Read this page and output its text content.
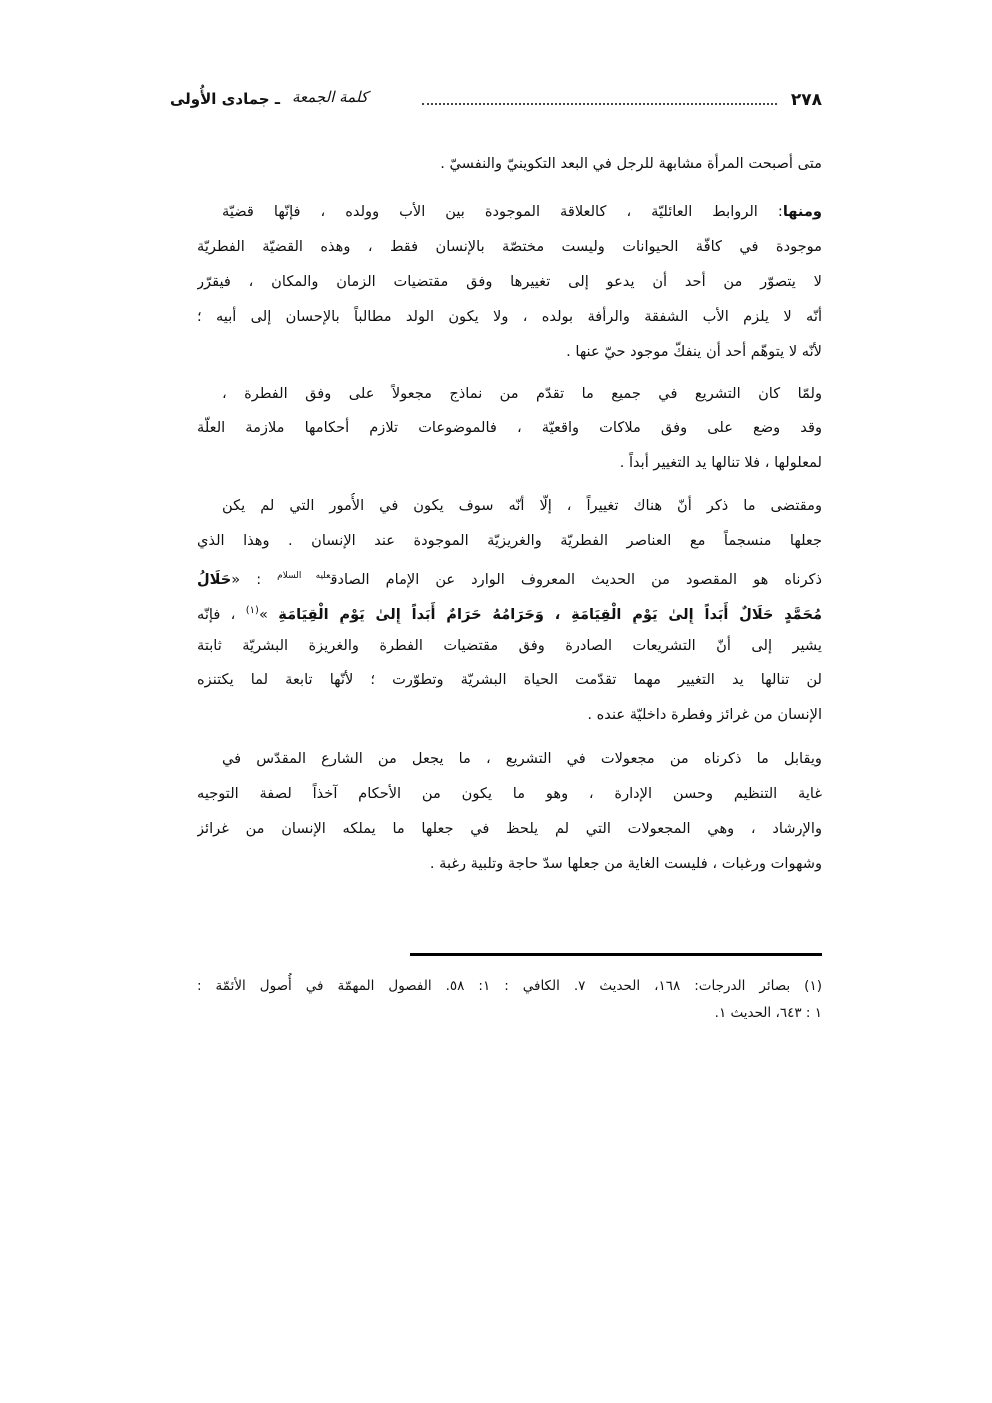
٢٧٨
كلمة الجمعة
ـ جمادى الأُولى
متى أصبحت المرأة مشابهة للرجل في البعد التكوينيّ والنفسيّ .
ومنها: الروابط العائليّة ، كالعلاقة الموجودة بين الأب وولده ، فإنّها قضيّة
موجودة في كافّة الحيوانات وليست مختصّة بالإنسان فقط ، وهذه القضيّة الفطريّة
لا يتصوّر من أحد أن يدعو إلى تغييرها وفق مقتضيات الزمان والمكان ، فيقرّر
أنّه لا يلزم الأب الشفقة والرأفة بولده ، ولا يكون الولد مطالباً بالإحسان إلى أبيه ؛
لأنّه لا يتوهّم أحد أن ينفكّ موجود حيّ عنها .
ولمّا كان التشريع في جميع ما تقدّم من نماذج مجعولاً على وفق الفطرة ،
وقد وضع على وفق ملاكات واقعيّة ، فالموضوعات تلازم أحكامها ملازمة العلّة
لمعلولها ، فلا تنالها يد التغيير أبداً .
ومقتضى ما ذكر أنّ هناك تغييراً ، إلّا أنّه سوف يكون في الأُمور التي لم يكن
جعلها منسجماً مع العناصر الفطريّة والغريزيّة الموجودة عند الإنسان . وهذا الذي
ذكرناه هو المقصود من الحديث المعروف الوارد عن الإمام الصادق$^{عليه السلام}$ : «حَلَالُ
مُحَمَّدٍ حَلَالٌ أَبَداً إِلىٰ يَوْمِ الْقِيَامَةِ ، وَحَرَامُهُ حَرَامٌ أَبَداً إِلىٰ يَوْمِ الْقِيَامَةِ »$^{(١)}$ ، فإنّه
يشير إلى أنّ التشريعات الصادرة وفق مقتضيات الفطرة والغريزة البشريّة ثابتة
لن تنالها يد التغيير مهما تقدّمت الحياة البشريّة وتطوّرت ؛ لأنّها تابعة لما يكتنزه
الإنسان من غرائز وفطرة داخليّة عنده .
ويقابل ما ذكرناه من مجعولات في التشريع ، ما يجعل من الشارع المقدّس في
غاية التنظيم وحسن الإدارة ، وهو ما يكون من الأحكام آخذاً لصفة التوجيه
والإرشاد ، وهي المجعولات التي لم يلحظ في جعلها ما يملكه الإنسان من غرائز
وشهوات ورغبات ، فليست الغاية من جعلها سدّ حاجة وتلبية رغبة .
(١) بصائر الدرجات: ١٦٨، الحديث ٧. الكافي : ١: ٥٨. الفصول المهمّة في أُصول الأئمّة :
١ : ٦٤٣، الحديث ١.
